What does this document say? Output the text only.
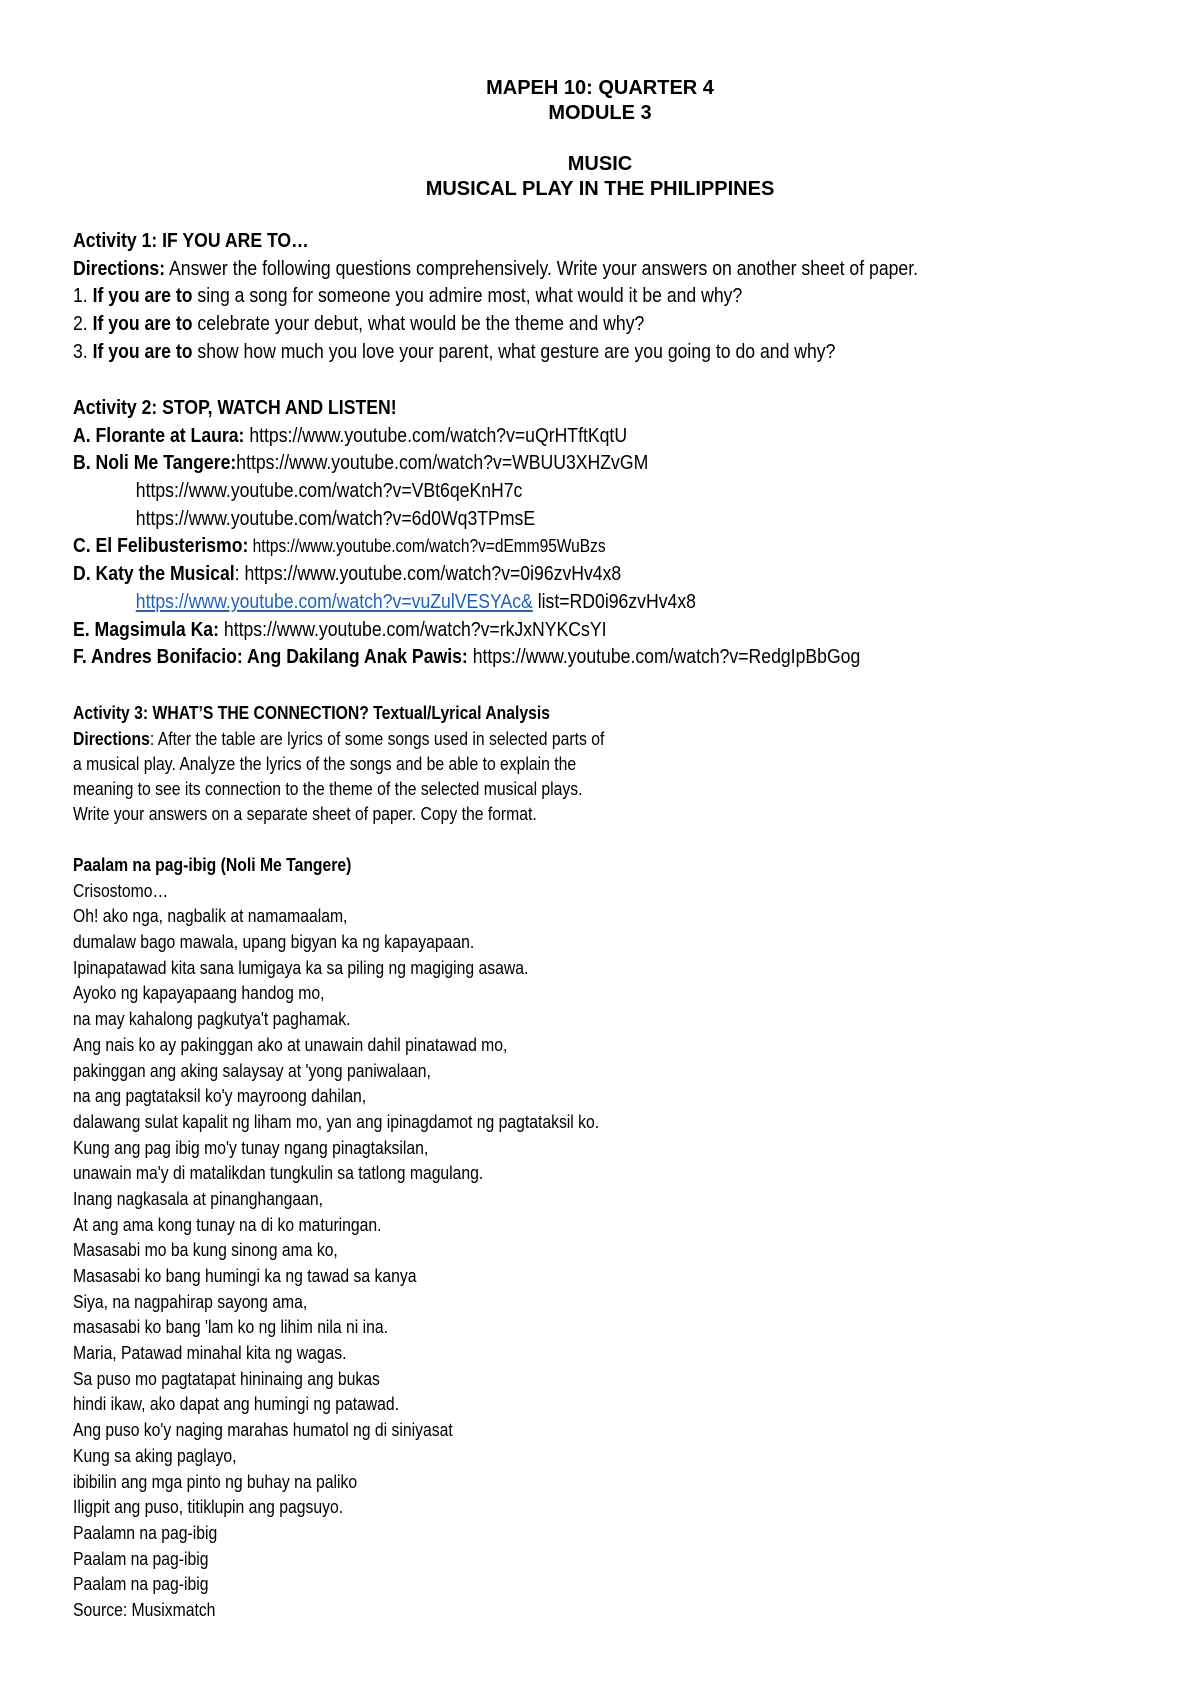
MAPEH 10: QUARTER 4
MODULE 3
MUSIC
MUSICAL PLAY IN THE PHILIPPINES
Activity 1: IF YOU ARE TO…
Directions: Answer the following questions comprehensively. Write your answers on another sheet of paper.
1. If you are to sing a song for someone you admire most, what would it be and why?
2. If you are to celebrate your debut, what would be the theme and why?
3. If you are to show how much you love your parent, what gesture are you going to do and why?
Activity 2: STOP, WATCH AND LISTEN!
A. Florante at Laura: https://www.youtube.com/watch?v=uQrHTftKqtU
B. Noli Me Tangere:https://www.youtube.com/watch?v=WBUU3XHZvGM
https://www.youtube.com/watch?v=VBt6qeKnH7c
https://www.youtube.com/watch?v=6d0Wq3TPmsE
C. El Felibusterismo: https://www.youtube.com/watch?v=dEmm95WuBzs
D. Katy the Musical: https://www.youtube.com/watch?v=0i96zvHv4x8
https://www.youtube.com/watch?v=vuZulVESYAc& list=RD0i96zvHv4x8
E. Magsimula Ka: https://www.youtube.com/watch?v=rkJxNYKCsYI
F. Andres Bonifacio: Ang Dakilang Anak Pawis: https://www.youtube.com/watch?v=RedgIpBbGog
Activity 3: WHAT’S THE CONNECTION? Textual/Lyrical Analysis
Directions: After the table are lyrics of some songs used in selected parts of
a musical play. Analyze the lyrics of the songs and be able to explain the
meaning to see its connection to the theme of the selected musical plays.
Write your answers on a separate sheet of paper. Copy the format.
Paalam na pag-ibig (Noli Me Tangere)
Crisostomo…
Oh! ako nga, nagbalik at namamaalam,
dumalaw bago mawala, upang bigyan ka ng kapayapaan.
Ipinapatawad kita sana lumigaya ka sa piling ng magiging asawa.
Ayoko ng kapayapaang handog mo,
na may kahalong pagkutya't paghamak.
Ang nais ko ay pakinggan ako at unawain dahil pinatawad mo,
pakinggan ang aking salaysay at 'yong paniwalaan,
na ang pagtataksil ko'y mayroong dahilan,
dalawang sulat kapalit ng liham mo, yan ang ipinagdamot ng pagtataksil ko.
Kung ang pag ibig mo'y tunay ngang pinagtaksilan,
unawain ma'y di matalikdan tungkulin sa tatlong magulang.
Inang nagkasala at pinanghangaan,
At ang ama kong tunay na di ko maturingan.
Masasabi mo ba kung sinong ama ko,
Masasabi ko bang humingi ka ng tawad sa kanya
Siya, na nagpahirap sayong ama,
masasabi ko bang 'lam ko ng lihim nila ni ina.
Maria, Patawad minahal kita ng wagas.
Sa puso mo pagtatapat hininaing ang bukas
hindi ikaw, ako dapat ang humingi ng patawad.
Ang puso ko'y naging marahas humatol ng di siniyasat
Kung sa aking paglayo,
ibibilin ang mga pinto ng buhay na paliko
Iligpit ang puso, titiklupin ang pagsuyo.
Paalamn na pag-ibig
Paalam na pag-ibig
Paalam na pag-ibig
Source: Musixmatch
